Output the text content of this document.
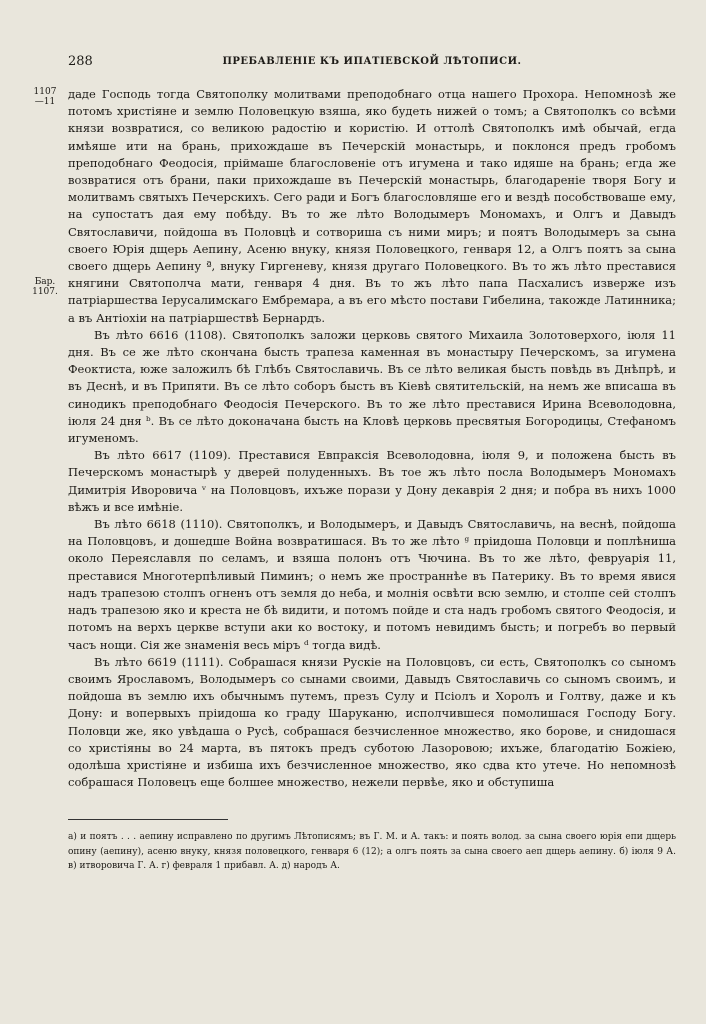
288	ПРЕБАВЛЕНІЕ КЪ ИПАТІЕВСКОЙ ЛѢТОПИСИ.
1107
—11
Бар.
1107.

даде Господь тогда Святополку молитвами преподобнаго отца нашего Прохора. Непомнозѣ же потомъ христіяне и землю Половецкую взяша, яко будеть нижей о томъ; а Святополкъ со всѣми князи возвратися, со великою радостію и користію. И оттолѣ Святополкъ имѣ обычай, егда имѣяше ити на брань, прихождаше въ Печерскій монастырь, и поклонся предъ гробомъ преподобнаго Феодосія, пріймаше благословеніе отъ игумена и тако идяше на брань; егда же возвратися отъ брани, паки прихождаше въ Печерскій монастырь, благодареніе творя Богу и молитвамъ святыхъ Печерскихъ. Сего ради и Богъ благословляше его и вездѣ пособствоваше ему, на супостатъ дая ему побѣду. Въ то же лѣто Володымеръ Мономахъ, и Олгъ и Давыдъ Святославичи, пойдоша въ Половцѣ и сотвориша съ ними миръ; и поятъ Володымеръ за сына своего Юрія дщерь Аепину, Асеню внуку, князя Половецкого, генваря 12, а Олгъ поятъ за сына своего дщерь Аепину ª, внуку Гиргеневу, князя другаго Половецкого. Въ то жъ лѣто преставися княгини Святополча мати, генваря 4 дня. Въ то жъ лѣто папа Пасхалисъ изверже изъ патріаршества Іерусалимскаго Ембремара, а въ его мѣсто постави Гибелина, такожде Латинника; а въ Антіохіи на патріаршествѣ Бернардъ.

Въ лѣто 6616 (1108). Святополкъ заложи церковь святого Михаила Золотоверхого, іюля 11 дня. Въ се же лѣто скончана бысть трапеза каменная въ монастыру Печерскомъ, за игумена Феоктиста, юже заложилъ бѣ Глѣбъ Святославичь. Въ се лѣто великая бысть повѣдь въ Днѣпрѣ, и въ Деснѣ, и въ Припяти. Въ се лѣто соборъ бысть въ Кіевѣ святительскій, на немъ же вписаша въ синодикъ преподобнаго Феодосія Печерского. Въ то же лѣто преставися Ирина Всеволодовна, іюля 24 дня ᵇ. Въ се лѣто доконачана бысть на Кловѣ церковь пресвятыя Богородицы, Стефаномъ игуменомъ.

Въ лѣто 6617 (1109). Преставися Евпраксія Всеволодовна, іюля 9, и положена бысть въ Печерскомъ монастырѣ у дверей полуденныхъ. Въ тое жъ лѣто посла Володымеръ Мономахъ Димитрія Иворовича ᵛ на Половцовъ, ихъже порази у Дону декаврія 2 дня; и побра въ нихъ 1000 вѣжъ и все имѣніе.

Въ лѣто 6618 (1110). Святополкъ, и Володымеръ, и Давыдъ Святославичь, на веснѣ, пойдоша на Половцовъ, и дошедше Война возвратишася. Въ то же лѣто ᵍ пріидоша Половци и поплѣниша около Переяславля по селамъ, и взяша полонъ отъ Чючина. Въ то же лѣто, февруарія 11, преставися Многотерпѣливый Пиминъ; о немъ же пространнѣе въ Патерику. Въ то время явися надъ трапезою столпъ огненъ отъ земля до неба, и молнія освѣти всю землю, и столпе сей столпъ надъ трапезою яко и креста не бѣ видити, и потомъ пойде и ста надъ гробомъ святого Феодосія, и потомъ на верхъ церкве вступи аки ко востоку, и потомъ невидимъ бысть; и погребъ во первый часъ нощи. Сія же знаменія весь міръ ᵈ тогда видѣ.

Въ лѣто 6619 (1111). Собрашася князи Рускіе на Половцовъ, си есть, Святополкъ со сыномъ своимъ Ярославомъ, Володымеръ со сынами своими, Давыдъ Святославичь со сыномъ своимъ, и пойдоша въ землю ихъ обычнымъ путемъ, презъ Сулу и Псіолъ и Хоролъ и Голтву, даже и къ Дону: и вопервыхъ пріидоша ко граду Шаруканю, исполчившеся помолишася Господу Богу. Половци же, яко увѣдаша о Русѣ, собрашася безчисленное множество, яко борове, и снидошася со христіяны во 24 марта, въ пятокъ предъ суботою Лазоровою; ихъже, благодатію Божіею, одолѣша христіяне и избиша ихъ безчисленное множество, яко сдва кто утече. Но непомнозѣ собрашася Половецъ еще болшее множество, нежели первѣе, яко и обступиша

а) и поятъ . . . аепину исправлено по другимъ Лѣтописямъ; въ Г. М. и А. такъ: и поять волод. за сына своего юрія епи дщерь опину (аепину), асеню внуку, князя половецкого, генваря 6 (12); а олгъ поять за сына своего аеп дщерь аепину. б) іюля 9 А. в) итворовича Г. А. г) февраля 1 прибавл. А. д) народъ А.
